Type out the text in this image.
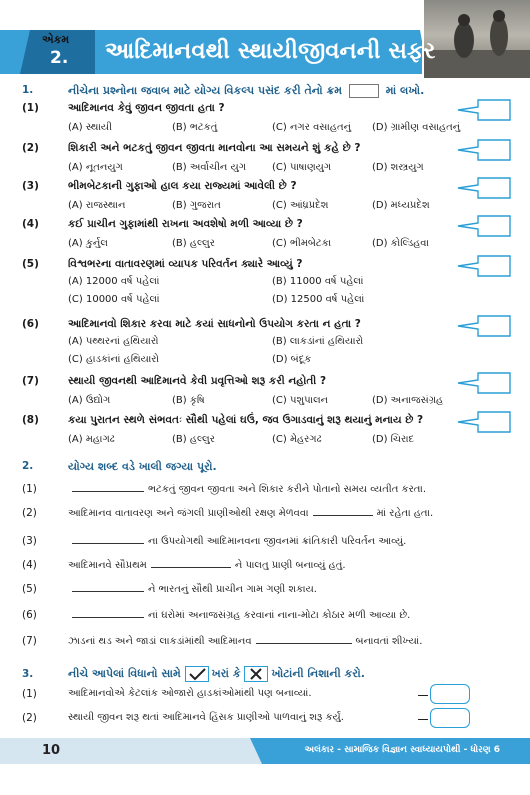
એકમ
2. આદિમાનવથી સ્થાયીજીવનની સફર
1.	નીચેના પ્રશ્નોના જવાબ માટે યોગ્ય વિકલ્પ પસંદ કરી તેનો ક્રમ	માં લખો.
(1)	આદિમાનવ કેવું જીવન જીવતા હતા ?
(A) સ્થાયી	(B) ભટકતું	(C) નગર વસાહતનું (D) ગ્રામીણ વસાહતનું
(2)	શિકારી અને ભટકતું જીવન જીવતા માનવોના આ સમયને શું કહે છે ?
(A) નૂતનયુગ	(B) અર્વાચીન યુગ	(C) પાષાણયુગ	(D) શસ્ત્રયુગ
(3)	ભીમબેટકાની ગુફાઓ હાલ કયા રાજ્યમાં આવેલી છે ?
(A) રાજસ્થાન	(B) ગુજરાત	(C) આંધ્રપ્રદેશ	(D) મધ્યપ્રદેશ
(4)	કઈ પ્રાચીન ગુફામાંથી રાખના અવશેષો મળી આવ્યા છે ?
(A) કુર્નુલ	(B) હલ્લુર	(C) ભીમબેટકા	(D) કોલ્ડિહવા
(5)	વિશ્વભરના વાતાવરણમાં વ્યાપક પરિવર્તન ક્યારે આવ્યું ?
(A) 12000 વર્ષ પહેલાં	(B) 11000 વર્ષ પહેલાં
(C) 10000 વર્ષ પહેલાં	(D) 12500 વર્ષ પહેલાં
(6)	આદિમાનવો શિકાર કરવા માટે કયાં સાધનોનો ઉપયોગ કરતા ન હતા ?
(A) પથ્થરનાં હથિયારો	(B) લાકડાંનાં હથિયારો
(C) હાડકાંનાં હથિયારો	(D) બંદૂક
(7)	સ્થાયી જીવનથી આદિમાનવે કેવી પ્રવૃત્તિઓ શરૂ કરી નહોતી ?
(A) ઉદ્યોગ	(B) કૃષિ	(C) પશુપાલન	(D) અનાજસંગ્રહ
(8)	કયા પુરાતન સ્થળે સંભવતઃ સૌથી પહેલાં ઘઉં, જવ ઉગાડવાનું શરૂ થયાનું મનાય છે ?
(A) મહાગઢ	(B) હલ્લુર	(C) મેહરગઢ	(D) ચિરાદ
2.	યોગ્ય શબ્દ વડે ખાલી જગ્યા પૂરો.
(1)	ભટકતું જીવન જીવતા અને શિકાર કરીને પોતાનો સમય વ્યતીત કરતા.
(2)	આદિમાનવ વાતાવરણ અને જંગલી પ્રાણીઓથી રક્ષણ મેળવવા	માં રહેતા હતા.
(3)	ના ઉપયોગથી આદિમાનવના જીવનમાં ક્રાંતિકારી પરિવર્તન આવ્યું.
(4)	આદિમાનવે સૌપ્રથમ	ને પાલતુ પ્રાણી બનાવ્યું હતું.
(5)	ને ભારતનું સૌથી પ્રાચીન ગામ ગણી શકાય.
(6)	નાં ઘરોમાં અનાજસંગ્રહ કરવાનાં નાના-મોટા કોઠાર મળી આવ્યા છે.
(7)	ઝાડનાં થડ અને જાડાં લાકડાંમાંથી આદિમાનવ	બનાવતાં શીખ્યાં.
3.	નીચે આપેલાં વિધાનો સામે	ખરાં કે	ખોટાંની નિશાની કરો.
(1)	આદિમાનવોએ કેટલાંક ઓજારો હાડકાંઓમાંથી પણ બનાવ્યાં.
(2)	સ્થાયી જીવન શરૂ થતાં આદિમાનવે હિંસક પ્રાણીઓ પાળવાનું શરૂ કર્યું.
10	અલંકાર - સામાજિક વિજ્ઞાન સ્વાધ્યાયપોથી - ધોરણ 6
